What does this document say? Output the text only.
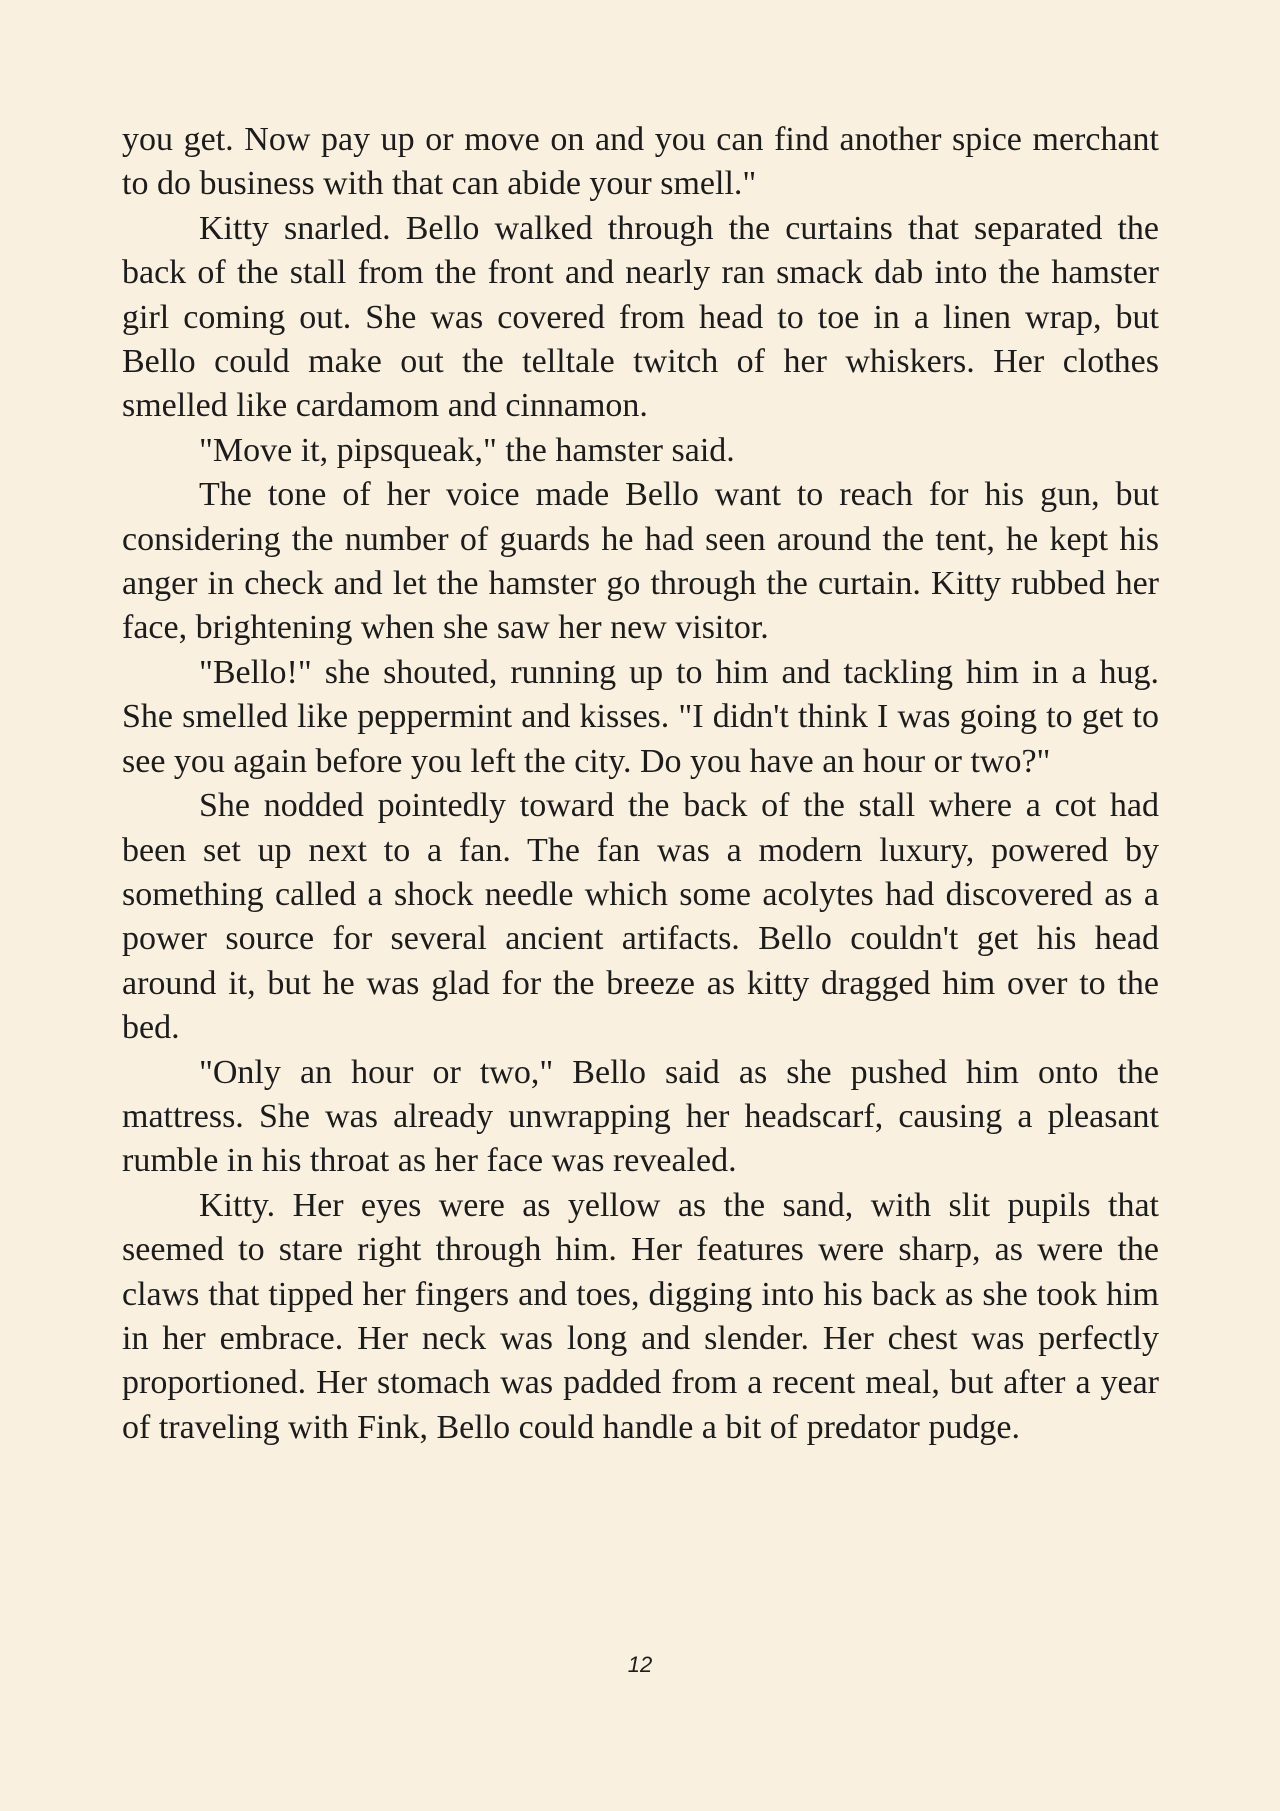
you get. Now pay up or move on and you can find another spice merchant to do business with that can abide your smell."

Kitty snarled. Bello walked through the curtains that separated the back of the stall from the front and nearly ran smack dab into the hamster girl coming out. She was covered from head to toe in a linen wrap, but Bello could make out the telltale twitch of her whiskers. Her clothes smelled like cardamom and cinnamon.

"Move it, pipsqueak," the hamster said.

The tone of her voice made Bello want to reach for his gun, but considering the number of guards he had seen around the tent, he kept his anger in check and let the hamster go through the curtain. Kitty rubbed her face, brightening when she saw her new visitor.

"Bello!" she shouted, running up to him and tackling him in a hug. She smelled like peppermint and kisses. "I didn't think I was going to get to see you again before you left the city. Do you have an hour or two?"

She nodded pointedly toward the back of the stall where a cot had been set up next to a fan. The fan was a modern luxury, powered by something called a shock needle which some acolytes had discovered as a power source for several ancient artifacts. Bello couldn't get his head around it, but he was glad for the breeze as kitty dragged him over to the bed.

"Only an hour or two," Bello said as she pushed him onto the mattress. She was already unwrapping her headscarf, causing a pleasant rumble in his throat as her face was revealed.

Kitty. Her eyes were as yellow as the sand, with slit pupils that seemed to stare right through him. Her features were sharp, as were the claws that tipped her fingers and toes, digging into his back as she took him in her embrace. Her neck was long and slender. Her chest was perfectly proportioned. Her stomach was padded from a recent meal, but after a year of traveling with Fink, Bello could handle a bit of predator pudge.

12
